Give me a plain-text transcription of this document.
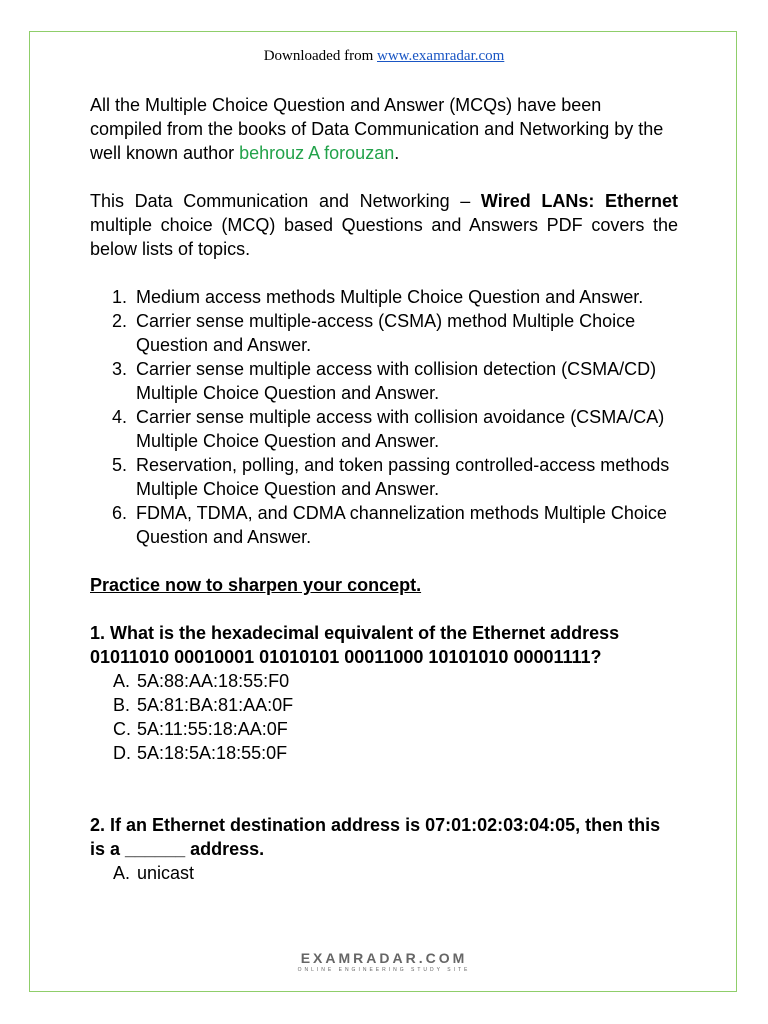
Downloaded from www.examradar.com

All the Multiple Choice Question and Answer (MCQs) have been compiled from the books of Data Communication and Networking by the well known author behrouz A forouzan.

This Data Communication and Networking – Wired LANs: Ethernet multiple choice (MCQ) based Questions and Answers PDF covers the below lists of topics.

1. Medium access methods Multiple Choice Question and Answer.
2. Carrier sense multiple-access (CSMA) method Multiple Choice Question and Answer.
3. Carrier sense multiple access with collision detection (CSMA/CD) Multiple Choice Question and Answer.
4. Carrier sense multiple access with collision avoidance (CSMA/CA) Multiple Choice Question and Answer.
5. Reservation, polling, and token passing controlled-access methods Multiple Choice Question and Answer.
6. FDMA, TDMA, and CDMA channelization methods Multiple Choice Question and Answer.

Practice now to sharpen your concept.

1. What is the hexadecimal equivalent of the Ethernet address 01011010 00010001 01010101 00011000 10101010 00001111?

A. 5A:88:AA:18:55:F0
B. 5A:81:BA:81:AA:0F
C. 5A:11:55:18:AA:0F
D. 5A:18:5A:18:55:0F

2. If an Ethernet destination address is 07:01:02:03:04:05, then this is a ______ address.

A. unicast
EXAMRADAR.COM
ONLINE ENGINEERING STUDY SITE
